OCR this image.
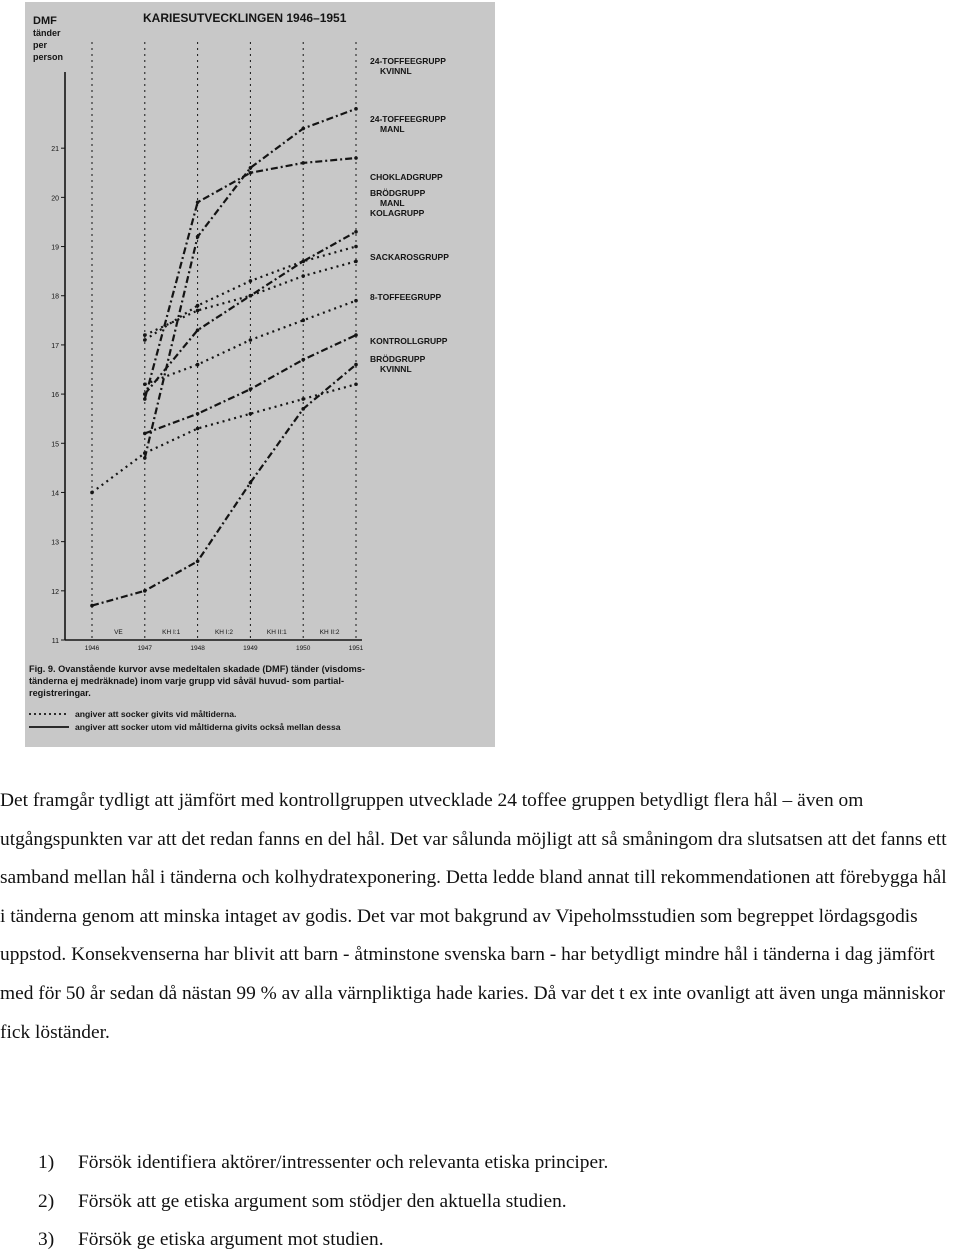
KARIESUTVECKLINGEN 1946–1951
DMF
tänder
per
person
11
12
13
14
15
16
17
18
19
20
21
1946	1947	1948	1949	1950	1951
VE	KH I:1	KH I:2	KH II:1	KH II:2
24-TOFFEEGRUPP
KVINNL
24-TOFFEEGRUPP
MANL
CHOKLADGRUPP
BRÖDGRUPP
MANL
KOLAGRUPP
SACKAROSGRUPP
8-TOFFEEGRUPP
KONTROLLGRUPP
BRÖDGRUPP
KVINNL
Fig. 9. Ovanstående kurvor avse medeltalen skadade (DMF) tänder (visdoms-
tänderna ej medräknade) inom varje grupp vid såväl huvud- som partial-
registreringar.
angiver att socker givits vid måltiderna.
angiver att socker utom vid måltiderna givits också mellan dessa

Det framgår tydligt att jämfört med kontrollgruppen utvecklade 24 toffee gruppen betydligt flera hål – även om utgångspunkten var att det redan fanns en del hål. Det var sålunda möjligt att så småningom dra slutsatsen att det fanns ett samband mellan hål i tänderna och kolhydratexponering. Detta ledde bland annat till rekommendationen att förebygga hål i tänderna genom att minska intaget av godis. Det var mot bakgrund av Vipeholmsstudien som begreppet lördagsgodis uppstod. Konsekvenserna har blivit att barn - åtminstone svenska barn - har betydligt mindre hål i tänderna i dag jämfört med för 50 år sedan då nästan 99 % av alla värnpliktiga hade karies. Då var det t ex inte ovanligt att även unga människor fick löständer.

1) Försök identifiera aktörer/intressenter och relevanta etiska principer.
2) Försök att ge etiska argument som stödjer den aktuella studien.
3) Försök ge etiska argument mot studien.
